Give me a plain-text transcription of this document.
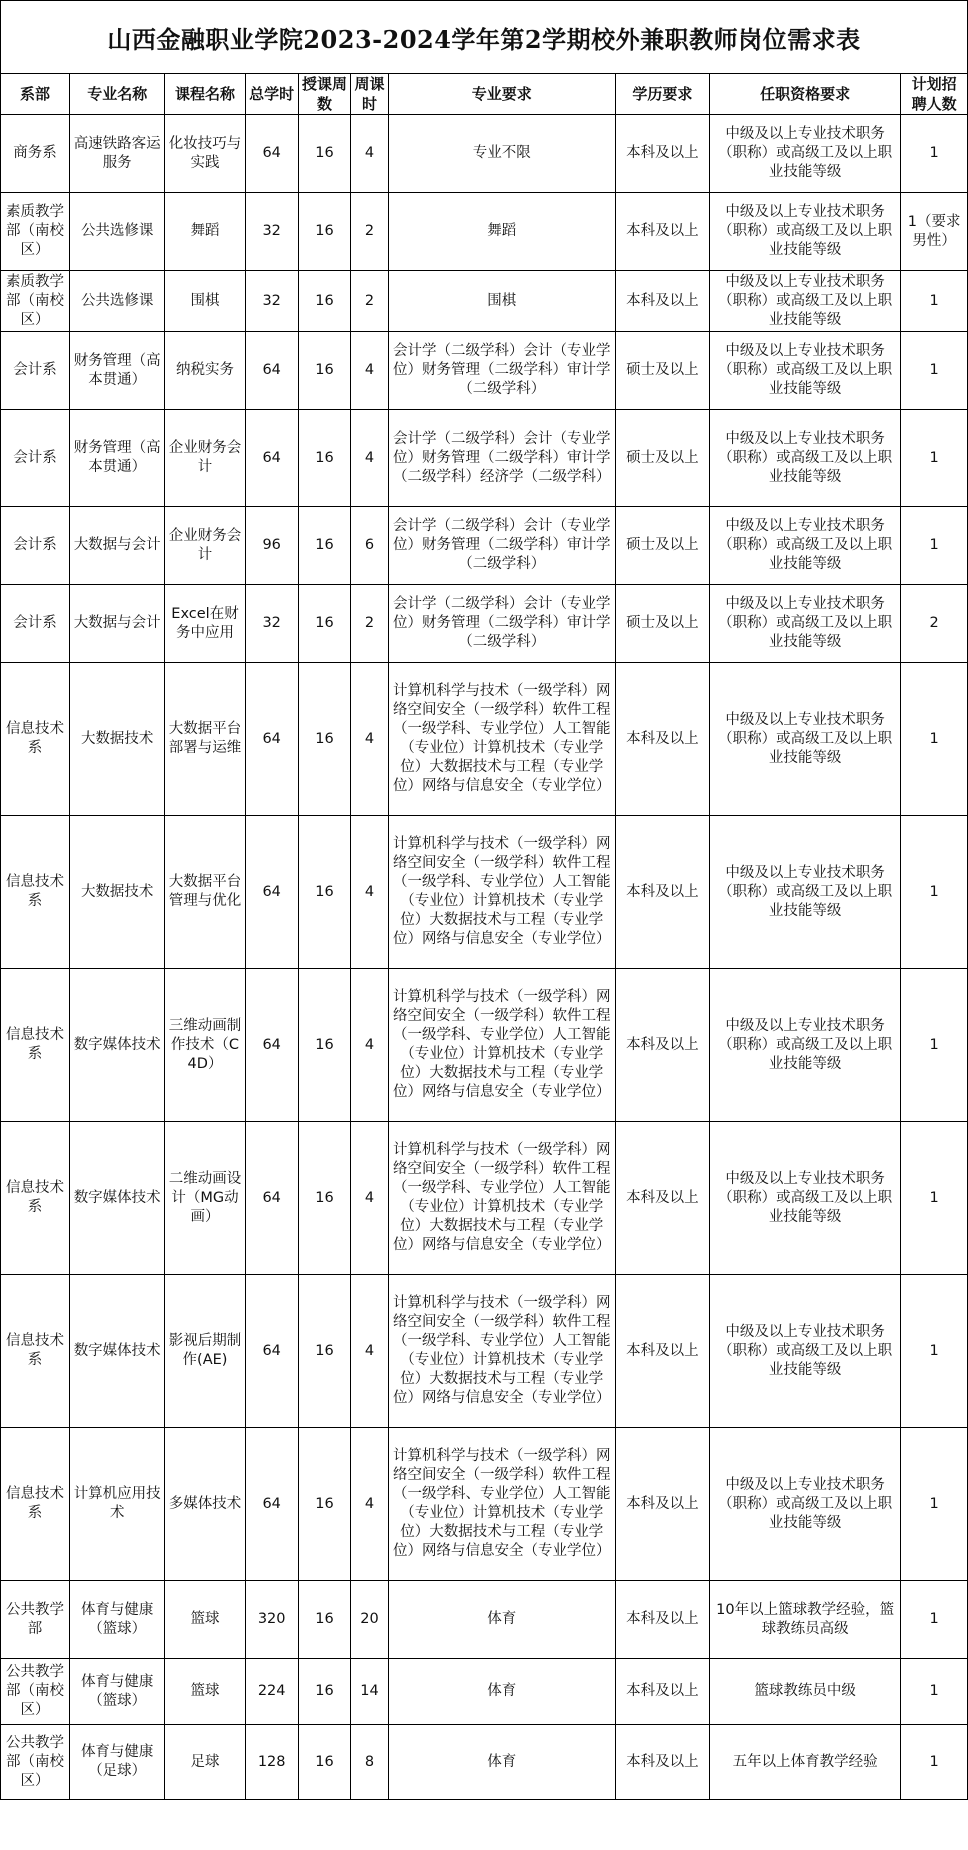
山西金融职业学院2023-2024学年第2学期校外兼职教师岗位需求表
系部	专业名称	课程名称	总学时	授课周数	周课时	专业要求	学历要求	任职资格要求	计划招聘人数
商务系	高速铁路客运服务	化妆技巧与实践	64	16	4	专业不限	本科及以上	中级及以上专业技术职务（职称）或高级工及以上职业技能等级	1
素质教学部（南校区）	公共选修课	舞蹈	32	16	2	舞蹈	本科及以上	中级及以上专业技术职务（职称）或高级工及以上职业技能等级	1（要求男性）
素质教学部（南校区）	公共选修课	围棋	32	16	2	围棋	本科及以上	中级及以上专业技术职务（职称）或高级工及以上职业技能等级	1
会计系	财务管理（高本贯通）	纳税实务	64	16	4	会计学（二级学科）会计（专业学位）财务管理（二级学科）审计学（二级学科）	硕士及以上	中级及以上专业技术职务（职称）或高级工及以上职业技能等级	1
会计系	财务管理（高本贯通）	企业财务会计	64	16	4	会计学（二级学科）会计（专业学位）财务管理（二级学科）审计学（二级学科）经济学（二级学科）	硕士及以上	中级及以上专业技术职务（职称）或高级工及以上职业技能等级	1
会计系	大数据与会计	企业财务会计	96	16	6	会计学（二级学科）会计（专业学位）财务管理（二级学科）审计学（二级学科）	硕士及以上	中级及以上专业技术职务（职称）或高级工及以上职业技能等级	1
会计系	大数据与会计	Excel在财务中应用	32	16	2	会计学（二级学科）会计（专业学位）财务管理（二级学科）审计学（二级学科）	硕士及以上	中级及以上专业技术职务（职称）或高级工及以上职业技能等级	2
信息技术系	大数据技术	大数据平台部署与运维	64	16	4	计算机科学与技术（一级学科）网络空间安全（一级学科）软件工程（一级学科、专业学位）人工智能（专业位）计算机技术（专业学位）大数据技术与工程（专业学位）网络与信息安全（专业学位）	本科及以上	中级及以上专业技术职务（职称）或高级工及以上职业技能等级	1
信息技术系	大数据技术	大数据平台管理与优化	64	16	4	计算机科学与技术（一级学科）网络空间安全（一级学科）软件工程（一级学科、专业学位）人工智能（专业位）计算机技术（专业学位）大数据技术与工程（专业学位）网络与信息安全（专业学位）	本科及以上	中级及以上专业技术职务（职称）或高级工及以上职业技能等级	1
信息技术系	数字媒体技术	三维动画制作技术（C4D）	64	16	4	计算机科学与技术（一级学科）网络空间安全（一级学科）软件工程（一级学科、专业学位）人工智能（专业位）计算机技术（专业学位）大数据技术与工程（专业学位）网络与信息安全（专业学位）	本科及以上	中级及以上专业技术职务（职称）或高级工及以上职业技能等级	1
信息技术系	数字媒体技术	二维动画设计（MG动画）	64	16	4	计算机科学与技术（一级学科）网络空间安全（一级学科）软件工程（一级学科、专业学位）人工智能（专业位）计算机技术（专业学位）大数据技术与工程（专业学位）网络与信息安全（专业学位）	本科及以上	中级及以上专业技术职务（职称）或高级工及以上职业技能等级	1
信息技术系	数字媒体技术	影视后期制作(AE)	64	16	4	计算机科学与技术（一级学科）网络空间安全（一级学科）软件工程（一级学科、专业学位）人工智能（专业位）计算机技术（专业学位）大数据技术与工程（专业学位）网络与信息安全（专业学位）	本科及以上	中级及以上专业技术职务（职称）或高级工及以上职业技能等级	1
信息技术系	计算机应用技术	多媒体技术	64	16	4	计算机科学与技术（一级学科）网络空间安全（一级学科）软件工程（一级学科、专业学位）人工智能（专业位）计算机技术（专业学位）大数据技术与工程（专业学位）网络与信息安全（专业学位）	本科及以上	中级及以上专业技术职务（职称）或高级工及以上职业技能等级	1
公共教学部	体育与健康（篮球）	篮球	320	16	20	体育	本科及以上	10年以上篮球教学经验，篮球教练员高级	1
公共教学部（南校区）	体育与健康（篮球）	篮球	224	16	14	体育	本科及以上	篮球教练员中级	1
公共教学部（南校区）	体育与健康（足球）	足球	128	16	8	体育	本科及以上	五年以上体育教学经验	1
